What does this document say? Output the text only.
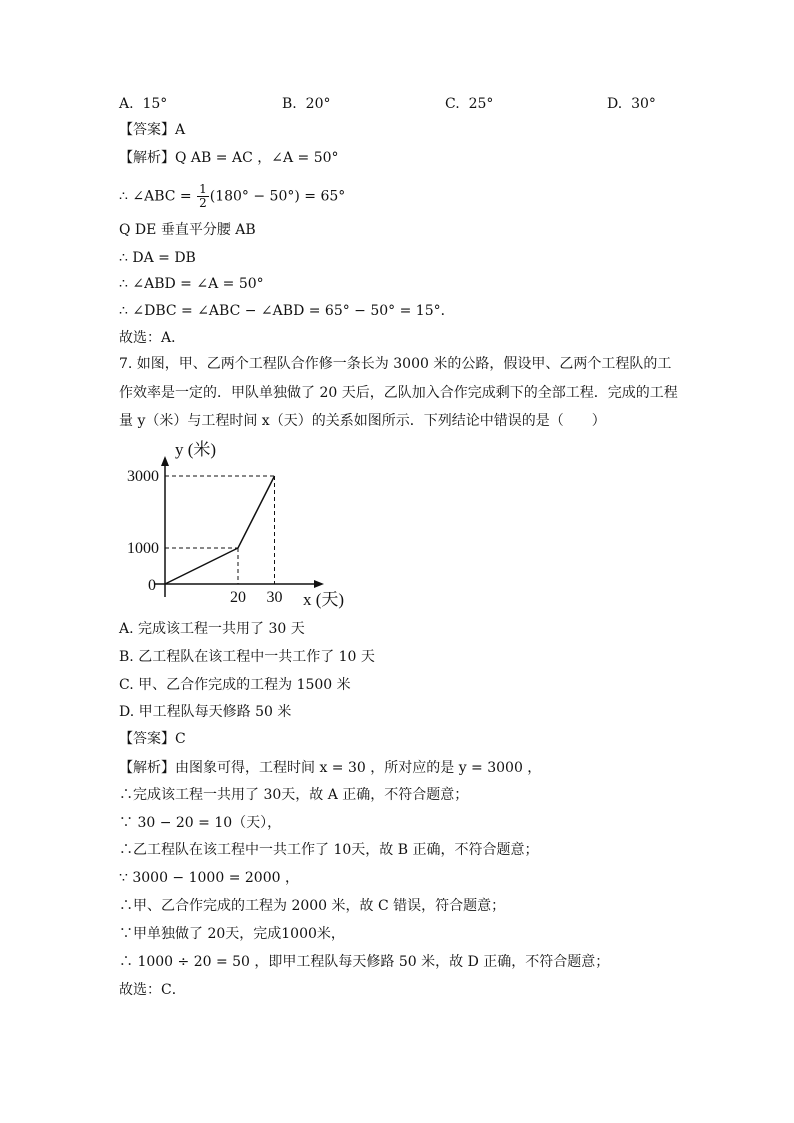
A. 15°	B. 20°	C. 25°	D. 30°
【答案】A
【解析】Q AB = AC ，∠A = 50°
∴ ∠ABC = $\frac{1}{2} (180^\circ - 50^\circ) = 65^\circ$
Q DE 垂直平分腰 AB
∴ DA = DB
∴ ∠ABD = ∠A = 50°
∴ ∠DBC = ∠ABC − ∠ABD = 65° − 50° = 15°．
故选：A．
7. 如图，甲、乙两个工程队合作修一条长为 3000 米的公路，假设甲、乙两个工程队的工
作效率是一定的．甲队单独做了 20 天后，乙队加入合作完成剩下的全部工程．完成的工程
量 y（米）与工程时间 x（天）的关系如图所示．下列结论中错误的是（　　）
y (米)
x (天)
0
20 30
1000
3000
A. 完成该工程一共用了 30 天
B. 乙工程队在该工程中一共工作了 10 天
C. 甲、乙合作完成的工程为 1500 米
D. 甲工程队每天修路 50 米
【答案】C
【解析】由图象可得，工程时间 x = 30 ，所对应的是 y = 3000 ，
∴完成该工程一共用了 30天，故 A 正确，不符合题意；
∵ 30 − 20 = 10（天），
∴乙工程队在该工程中一共工作了 10天，故 B 正确，不符合题意；
∵ 3000 − 1000 = 2000 ，
∴甲、乙合作完成的工程为 2000 米，故 C 错误，符合题意；
∵甲单独做了 20天，完成1000米，
∴ 1000 ÷ 20 = 50 ，即甲工程队每天修路 50 米，故 D 正确，不符合题意；
故选：C．
